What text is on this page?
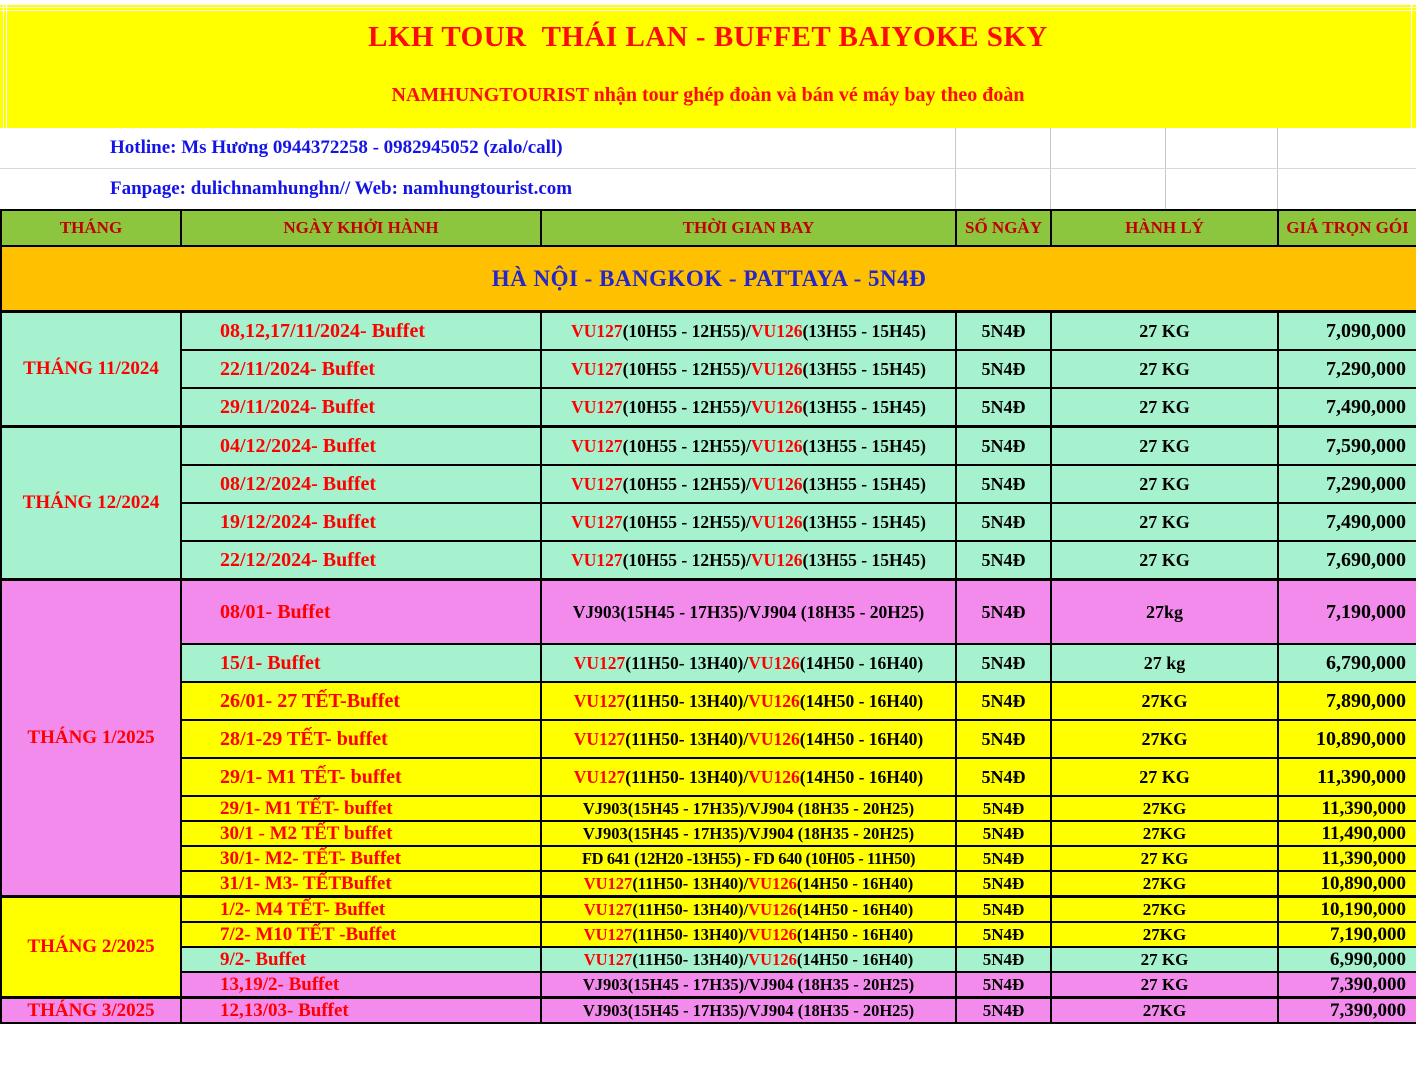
LKH TOUR  THÁI LAN - BUFFET BAIYOKE SKY
NAMHUNGTOURIST nhận tour ghép đoàn và bán vé máy bay theo đoàn
Hotline: Ms Hương 0944372258 - 0982945052 (zalo/call)
Fanpage: dulichnamhunghn// Web: namhungtourist.com
THÁNG	NGÀY KHỞI HÀNH	THỜI GIAN BAY	SỐ NGÀY	HÀNH LÝ	GIÁ TRỌN GÓI
HÀ NỘI - BANGKOK - PATTAYA - 5N4Đ					
THÁNG 11/2024	08,12,17/11/2024- Buffet	VU127(10H55 - 12H55)/VU126(13H55 - 15H45)	5N4Đ	27 KG	7,090,000
	22/11/2024- Buffet	VU127(10H55 - 12H55)/VU126(13H55 - 15H45)	5N4Đ	27 KG	7,290,000
	29/11/2024- Buffet	VU127(10H55 - 12H55)/VU126(13H55 - 15H45)	5N4Đ	27 KG	7,490,000
THÁNG 12/2024	04/12/2024- Buffet	VU127(10H55 - 12H55)/VU126(13H55 - 15H45)	5N4Đ	27 KG	7,590,000
	08/12/2024- Buffet	VU127(10H55 - 12H55)/VU126(13H55 - 15H45)	5N4Đ	27 KG	7,290,000
	19/12/2024- Buffet	VU127(10H55 - 12H55)/VU126(13H55 - 15H45)	5N4Đ	27 KG	7,490,000
	22/12/2024- Buffet	VU127(10H55 - 12H55)/VU126(13H55 - 15H45)	5N4Đ	27 KG	7,690,000
THÁNG 1/2025	08/01- Buffet	VJ903(15H45 - 17H35)/VJ904 (18H35 - 20H25)	5N4Đ	27kg	7,190,000
	15/1- Buffet	VU127(11H50- 13H40)/VU126(14H50 - 16H40)	5N4Đ	27 kg	6,790,000
	26/01- 27 TẾT-Buffet	VU127(11H50- 13H40)/VU126(14H50 - 16H40)	5N4Đ	27KG	7,890,000
	28/1-29 TẾT- buffet	VU127(11H50- 13H40)/VU126(14H50 - 16H40)	5N4Đ	27KG	10,890,000
	29/1- M1 TẾT- buffet	VU127(11H50- 13H40)/VU126(14H50 - 16H40)	5N4Đ	27 KG	11,390,000
	29/1- M1 TẾT- buffet	VJ903(15H45 - 17H35)/VJ904 (18H35 - 20H25)	5N4Đ	27KG	11,390,000
	30/1 - M2 TẾT buffet	VJ903(15H45 - 17H35)/VJ904 (18H35 - 20H25)	5N4Đ	27KG	11,490,000
	30/1- M2- TẾT- Buffet	FD 641 (12H20 -13H55) - FD 640 (10H05 - 11H50)	5N4Đ	27 KG	11,390,000
	31/1- M3- TẾTBuffet	VU127(11H50- 13H40)/VU126(14H50 - 16H40)	5N4Đ	27KG	10,890,000
THÁNG 2/2025	1/2- M4 TẾT- Buffet	VU127(11H50- 13H40)/VU126(14H50 - 16H40)	5N4Đ	27KG	10,190,000
	7/2- M10 TẾT -Buffet	VU127(11H50- 13H40)/VU126(14H50 - 16H40)	5N4Đ	27KG	7,190,000
	9/2- Buffet	VU127(11H50- 13H40)/VU126(14H50 - 16H40)	5N4Đ	27 KG	6,990,000
	13,19/2- Buffet	VJ903(15H45 - 17H35)/VJ904 (18H35 - 20H25)	5N4Đ	27 KG	7,390,000
THÁNG 3/2025	12,13/03- Buffet	VJ903(15H45 - 17H35)/VJ904 (18H35 - 20H25)	5N4Đ	27KG	7,390,000
